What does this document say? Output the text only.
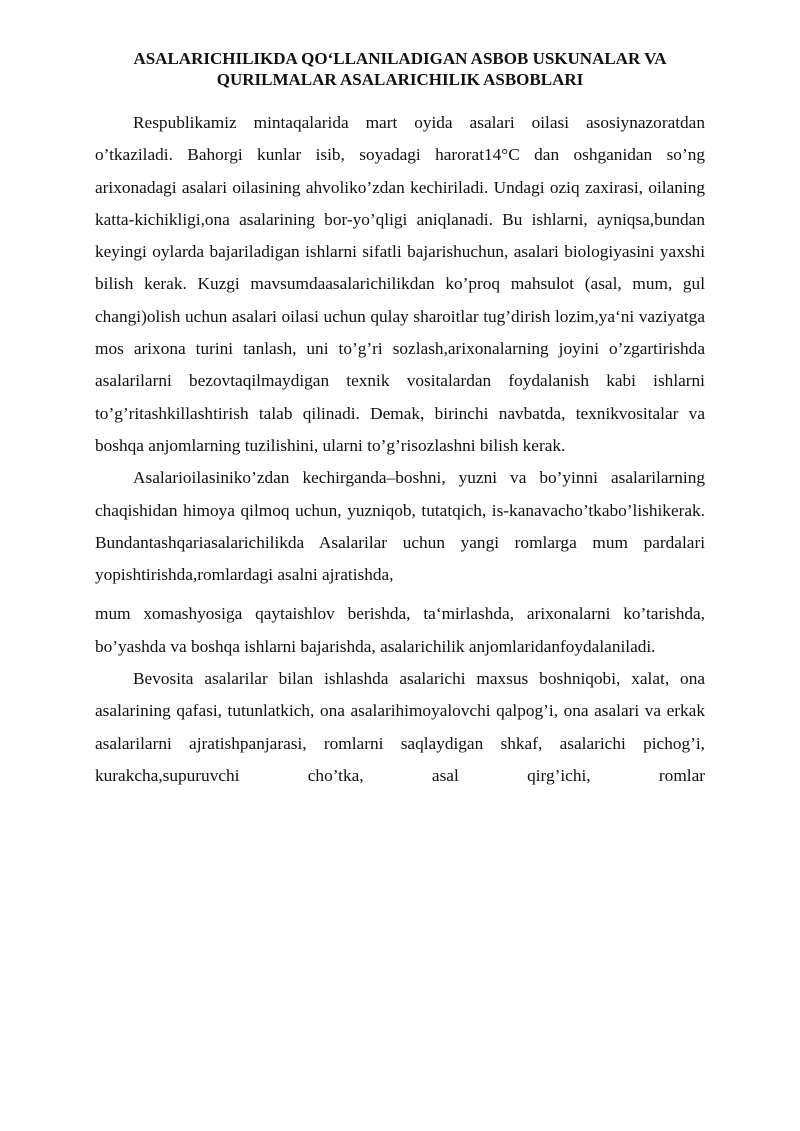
ASALARICHILIKDA QO‘LLANILADIGAN ASBOB USKUNALAR VA
QURILMALAR ASALARICHILIK ASBOBLARI

Respublikamiz mintaqalarida mart oyida asalari oilasi asosiynazoratdan o’tkaziladi. Bahorgi kunlar isib, soyadagi harorat14°C dan oshganidan so’ng arixonadagi asalari oilasining ahvoliko’zdan kechiriladi. Undagi oziq zaxirasi, oilaning katta-kichikligi,ona asalarining bor-yo’qligi aniqlanadi. Bu ishlarni, ayniqsa,bundan keyingi oylarda bajariladigan ishlarni sifatli bajarishuchun, asalari biologiyasini yaxshi bilish kerak. Kuzgi mavsumdaasalarichilikdan ko’proq mahsulot (asal, mum, gul changi)olish uchun asalari oilasi uchun qulay sharoitlar tug’dirish lozim,ya‘ni vaziyatga mos arixona turini tanlash, uni to’g’ri sozlash,arixonalarning joyini o’zgartirishda asalarilarni bezovtaqilmaydigan texnik vositalardan foydalanish kabi ishlarni to’g’ritashkillashtirish talab qilinadi. Demak, birinchi navbatda, texnikvositalar va boshqa anjomlarning tuzilishini, ularni to’g’risozlashni bilish kerak.

Asalarioilasiniko’zdan kechirganda–boshni, yuzni va bo’yinni asalarilarning chaqishidan himoya qilmoq uchun, yuzniqob, tutatqich, is-kanavacho’tkabo’lishikerak. Bundantashqariasalarichilikda Asalarilar uchun yangi romlarga mum pardalari yopishtirishda,romlardagi asalni ajratishda,

mum xomashyosiga qaytaishlov berishda, ta‘mirlashda, arixonalarni ko’tarishda, bo’yashda va boshqa ishlarni bajarishda, asalarichilik anjomlaridanfoydalaniladi.

Bevosita asalarilar bilan ishlashda asalarichi maxsus boshniqobi, xalat, ona asalarining qafasi, tutunlatkich, ona asalarihimoyalovchi qalpog’i, ona asalari va erkak asalarilarni ajratishpanjarasi, romlarni saqlaydigan shkaf, asalarichi pichog’i, kurakcha,supuruvchi cho’tka, asal qirg’ichi, romlar
